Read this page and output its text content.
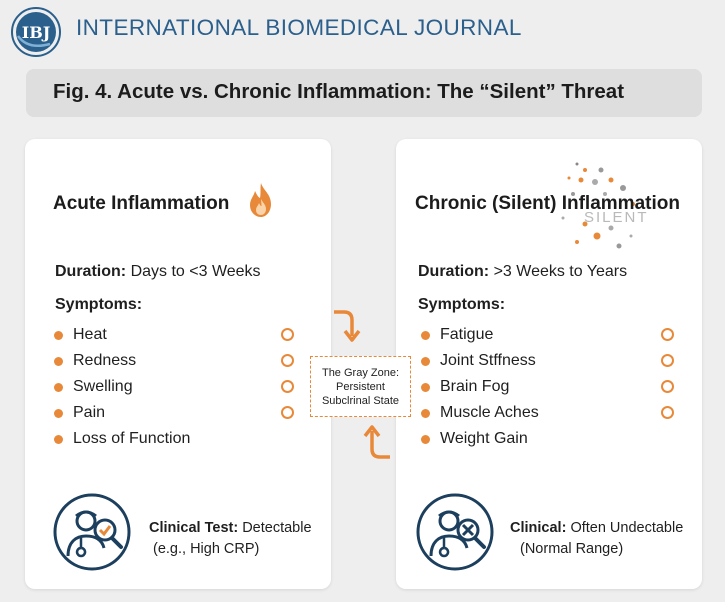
IBJ INTERNATIONAL BIOMEDICAL JOURNAL
Fig. 4. Acute vs. Chronic Inflammation: The “Silent” Threat
Acute Inflammation
Duration: Days to <3 Weeks
Symptoms:
Heat
Redness
Swelling
Pain
Loss of Function
Clinical Test: Detectable
(e.g., High CRP)
SILENT
Chronic (Silent) Inflammation
Duration: >3 Weeks to Years
Symptoms:
Fatigue
Joint Stffness
Brain Fog
Muscle Aches
Weight Gain
Clinical: Often Undectable
(Normal Range)
The Gray Zone:
Persistent
Subclrinal State
